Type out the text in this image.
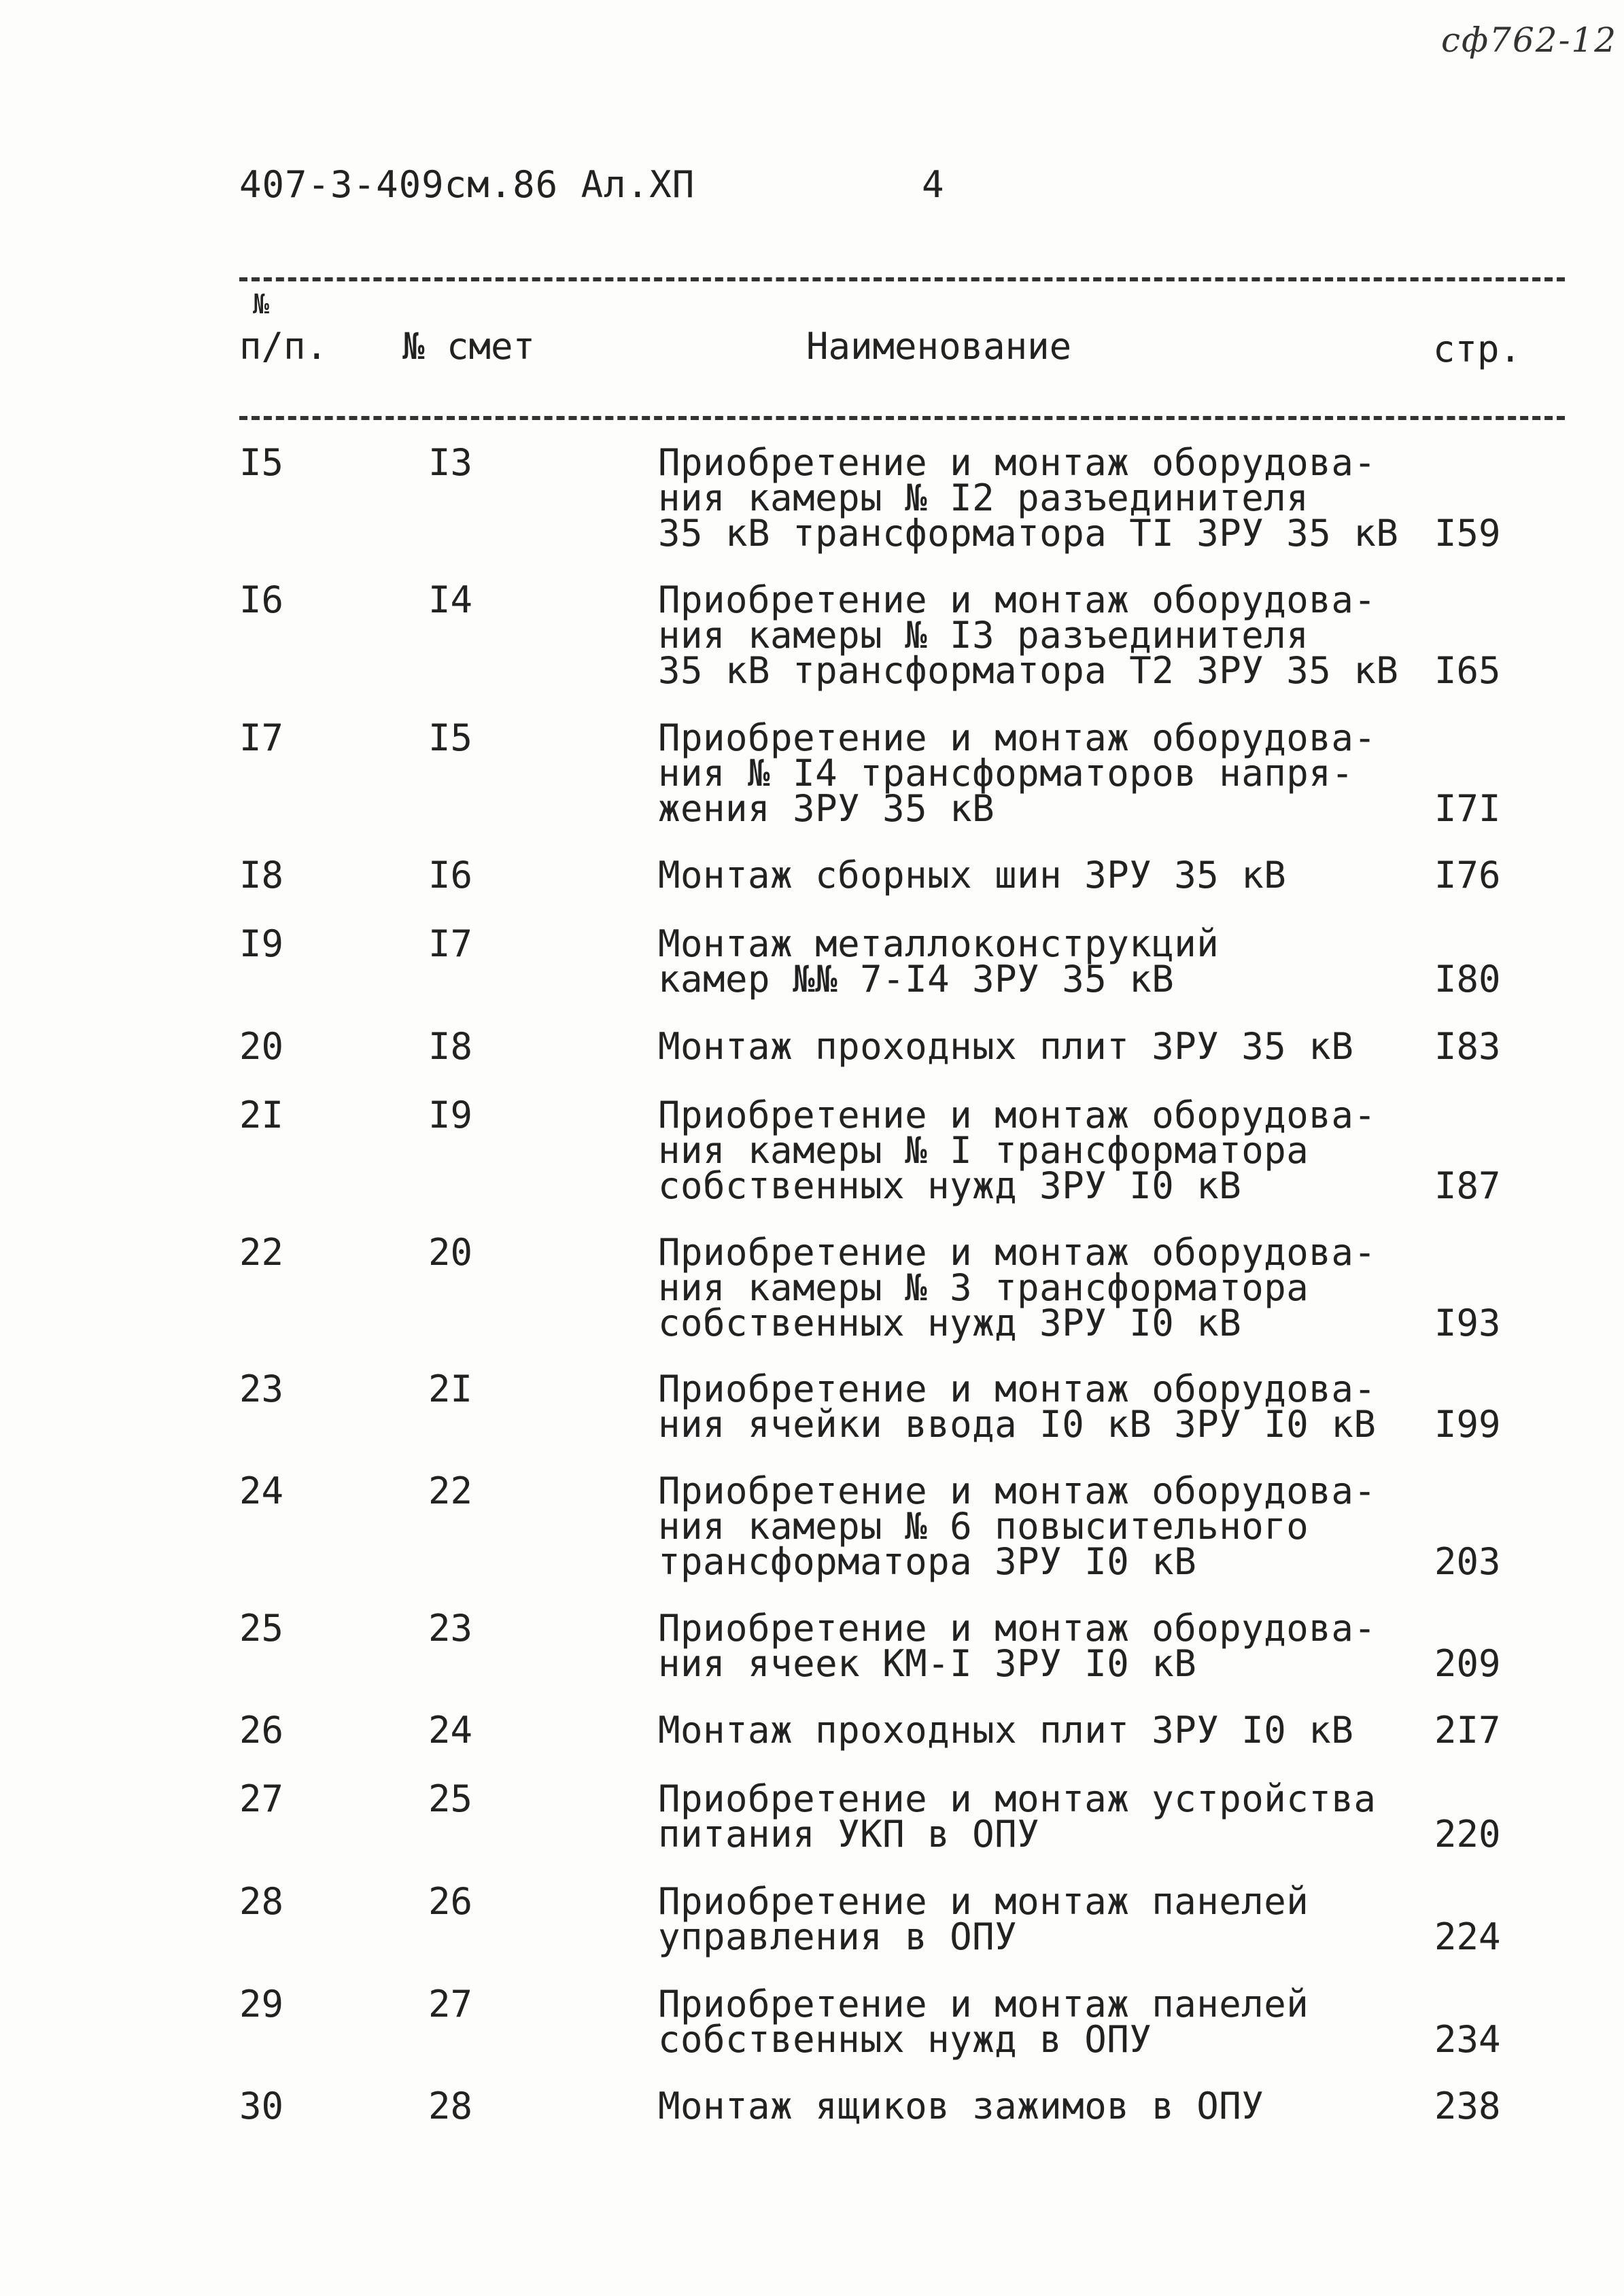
сф762-12
407-3-409см.86 Ал.XП	4
№
п/п. № смет	Наименование	стр.
I5	I3	Приобретение и монтаж оборудова-
ния камеры № I2 разъединителя
35 кВ трансформатора ТI ЗРУ 35 кВ I59
I6	I4	Приобретение и монтаж оборудова-
ния камеры № I3 разъединителя
35 кВ трансформатора Т2 ЗРУ 35 кВ I65
I7	I5	Приобретение и монтаж оборудова-
ния № I4 трансформаторов напря-
жения ЗРУ 35 кВ	I7I
I8	I6	Монтаж сборных шин ЗРУ 35 кВ	I76
I9	I7	Монтаж металлоконструкций
камер №№ 7-I4 ЗРУ 35 кВ	I80
20	I8	Монтаж проходных плит ЗРУ 35 кВ I83
2I	I9	Приобретение и монтаж оборудова-
ния камеры № I трансформатора
собственных нужд ЗРУ I0 кВ	I87
22	20	Приобретение и монтаж оборудова-
ния камеры № 3 трансформатора
собственных нужд ЗРУ I0 кВ	I93
23	2I	Приобретение и монтаж оборудова-
ния ячейки ввода I0 кВ ЗРУ I0 кВ I99
24	22	Приобретение и монтаж оборудова-
ния камеры № 6 повысительного
трансформатора ЗРУ I0 кВ	203
25	23	Приобретение и монтаж оборудова-
ния ячеек КМ-I ЗРУ I0 кВ	209
26	24	Монтаж проходных плит ЗРУ I0 кВ 2I7
27	25	Приобретение и монтаж устройства
питания УКП в ОПУ	220
28	26	Приобретение и монтаж панелей
управления в ОПУ	224
29	27	Приобретение и монтаж панелей
собственных нужд в ОПУ	234
30	28	Монтаж ящиков зажимов в ОПУ	238
